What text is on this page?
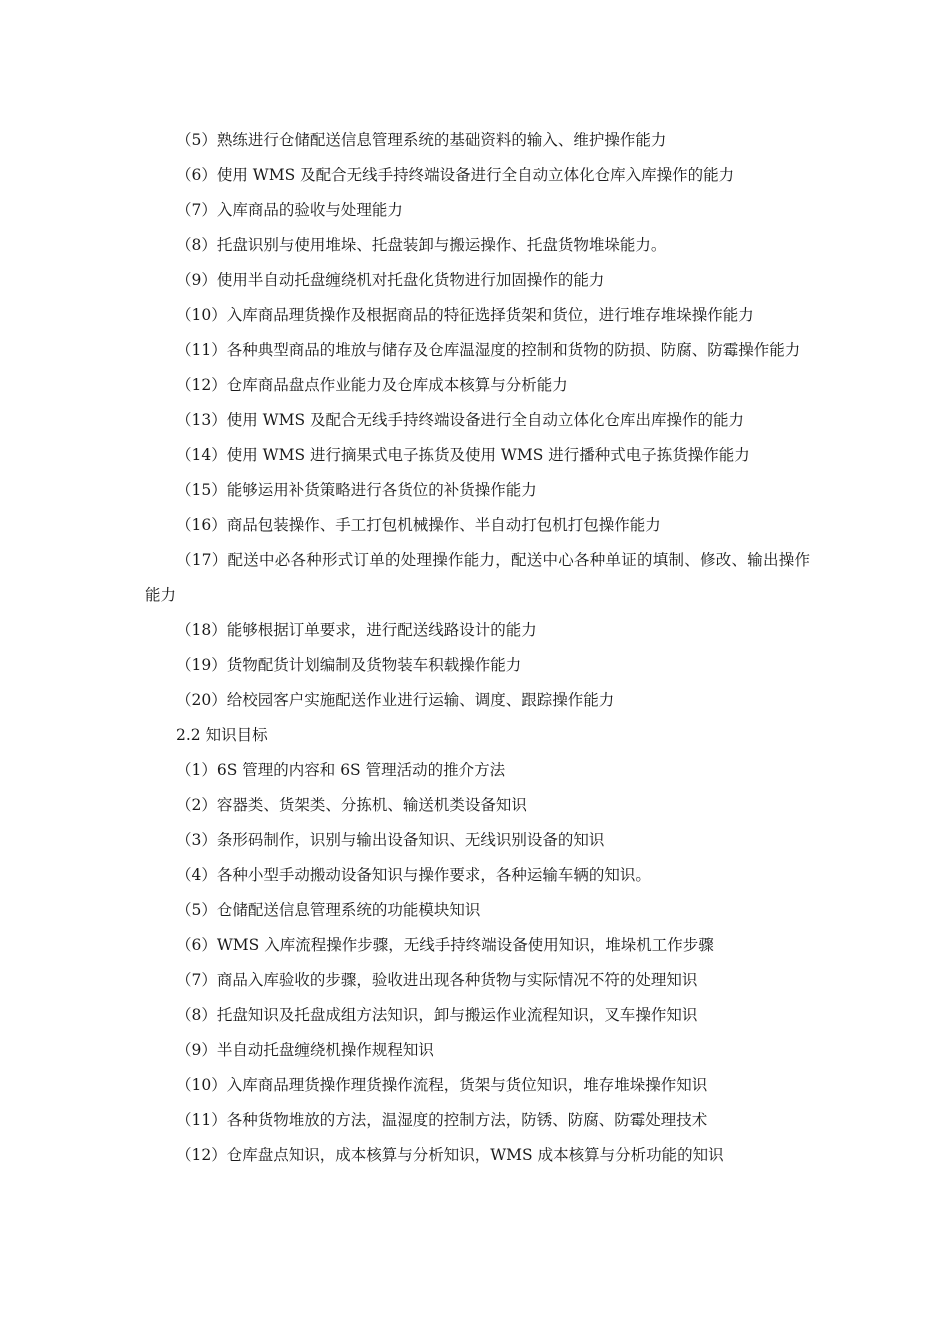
（5）熟练进行仓储配送信息管理系统的基础资料的输入、维护操作能力

（6）使用 WMS 及配合无线手持终端设备进行全自动立体化仓库入库操作的能力

（7）入库商品的验收与处理能力

（8）托盘识别与使用堆垛、托盘装卸与搬运操作、托盘货物堆垛能力。

（9）使用半自动托盘缠绕机对托盘化货物进行加固操作的能力

（10）入库商品理货操作及根据商品的特征选择货架和货位，进行堆存堆垛操作能力

（11）各种典型商品的堆放与储存及仓库温湿度的控制和货物的防损、防腐、防霉操作能力

（12）仓库商品盘点作业能力及仓库成本核算与分析能力

（13）使用 WMS 及配合无线手持终端设备进行全自动立体化仓库出库操作的能力

（14）使用 WMS 进行摘果式电子拣货及使用 WMS 进行播种式电子拣货操作能力

（15）能够运用补货策略进行各货位的补货操作能力

（16）商品包装操作、手工打包机械操作、半自动打包机打包操作能力

（17）配送中必各种形式订单的处理操作能力，配送中心各种单证的填制、修改、输出操作能力

（18）能够根据订单要求，进行配送线路设计的能力

（19）货物配货计划编制及货物装车积载操作能力

（20）给校园客户实施配送作业进行运输、调度、跟踪操作能力

2.2 知识目标

（1）6S 管理的内容和 6S 管理活动的推介方法

（2）容器类、货架类、分拣机、输送机类设备知识

（3）条形码制作，识别与输出设备知识、无线识别设备的知识

（4）各种小型手动搬动设备知识与操作要求，各种运输车辆的知识。

（5）仓储配送信息管理系统的功能模块知识

（6）WMS 入库流程操作步骤，无线手持终端设备使用知识，堆垛机工作步骤

（7）商品入库验收的步骤，验收进出现各种货物与实际情况不符的处理知识

（8）托盘知识及托盘成组方法知识，卸与搬运作业流程知识，叉车操作知识

（9）半自动托盘缠绕机操作规程知识

（10）入库商品理货操作理货操作流程，货架与货位知识，堆存堆垛操作知识

（11）各种货物堆放的方法，温湿度的控制方法，防锈、防腐、防霉处理技术

（12）仓库盘点知识，成本核算与分析知识，WMS 成本核算与分析功能的知识
